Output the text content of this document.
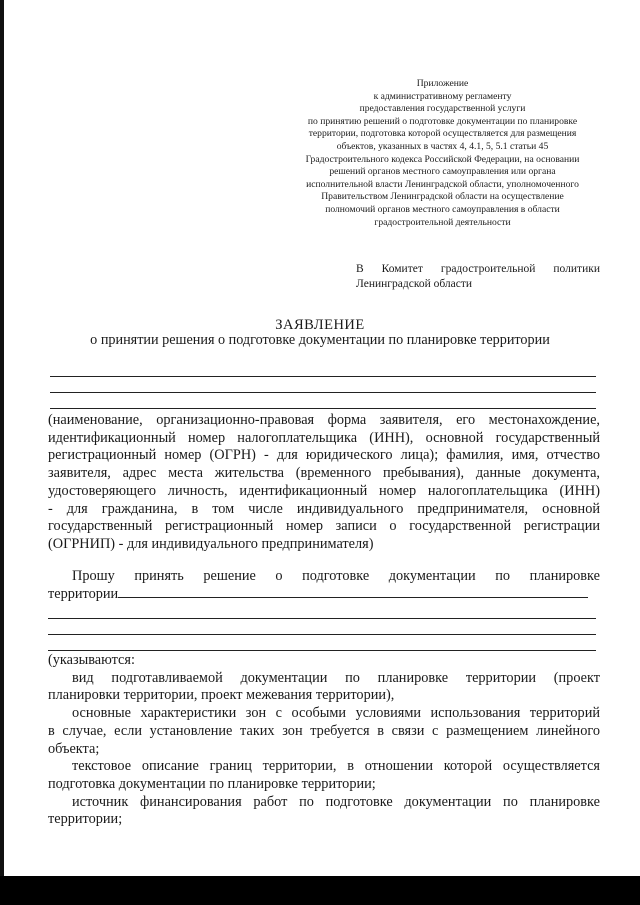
Приложение
к административному регламенту
предоставления государственной услуги
по принятию решений о подготовке документации по планировке
территории, подготовка которой осуществляется для размещения
объектов, указанных в частях 4, 4.1, 5, 5.1 статьи 45
Градостроительного кодекса Российской Федерации, на основании
решений органов местного самоуправления или органа
исполнительной власти Ленинградской области, уполномоченного
Правительством Ленинградской области на осуществление
полномочий органов местного самоуправления в области
градостроительной деятельности
В Комитет градостроительной политики
Ленинградской области
ЗАЯВЛЕНИЕ
о принятии решения о подготовке документации по планировке территории
(наименование, организационно-правовая форма заявителя, его местонахождение,
идентификационный номер налогоплательщика (ИНН), основной государственный
регистрационный номер (ОГРН) - для юридического лица); фамилия, имя, отчество
заявителя, адрес места жительства (временного пребывания), данные документа,
удостоверяющего личность, идентификационный номер налогоплательщика (ИНН)
- для гражданина, в том числе индивидуального предпринимателя, основной
государственный регистрационный номер записи о государственной регистрации
(ОГРНИП) - для индивидуального предпринимателя)
Прошу принять решение о подготовке документации по планировке
территории
(указываются:
вид подготавливаемой документации по планировке территории (проект
планировки территории, проект межевания территории),
основные характеристики зон с особыми условиями использования территорий
в случае, если установление таких зон требуется в связи с размещением линейного
объекта;
текстовое описание границ территории, в отношении которой осуществляется
подготовка документации по планировке территории;
источник финансирования работ по подготовке документации по планировке
территории;
